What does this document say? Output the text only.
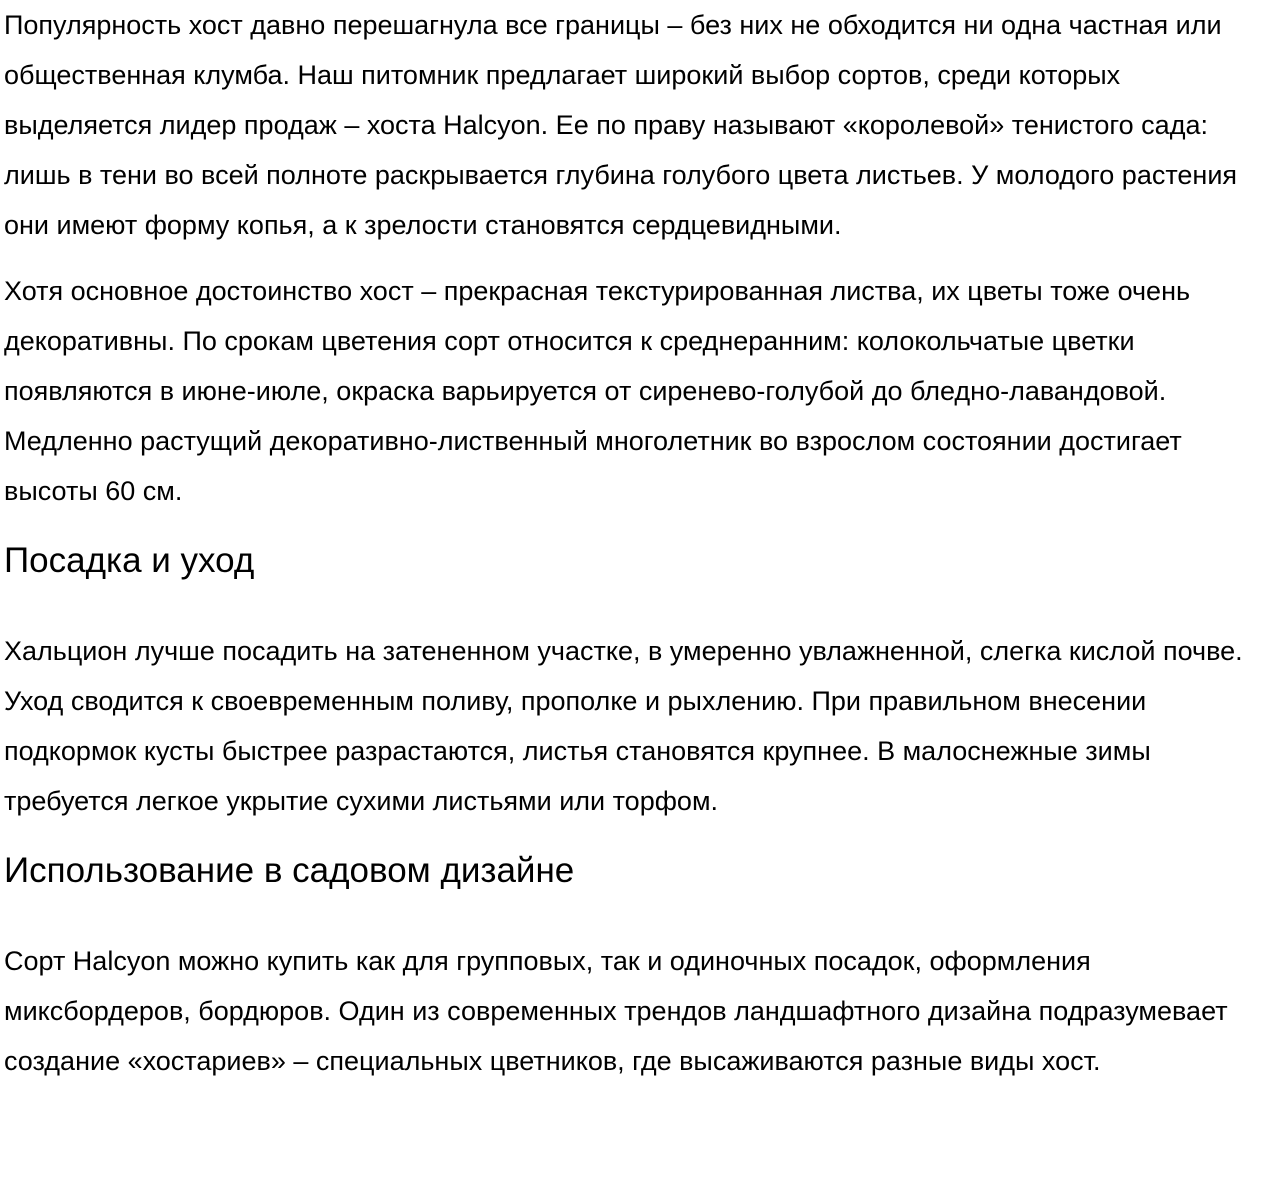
Популярность хост давно перешагнула все границы – без них не обходится ни одна частная или общественная клумба. Наш питомник предлагает широкий выбор сортов, среди которых выделяется лидер продаж – хоста Halcyon. Ее по праву называют «королевой» тенистого сада: лишь в тени во всей полноте раскрывается глубина голубого цвета листьев. У молодого растения они имеют форму копья, а к зрелости становятся сердцевидными.

Хотя основное достоинство хост – прекрасная текстурированная листва, их цветы тоже очень декоративны. По срокам цветения сорт относится к среднеранним: колокольчатые цветки появляются в июне-июле, окраска варьируется от сиренево-голубой до бледно-лавандовой. Медленно растущий декоративно-лиственный многолетник во взрослом состоянии достигает высоты 60 см.

Посадка и уход

Хальцион лучше посадить на затененном участке, в умеренно увлажненной, слегка кислой почве. Уход сводится к своевременным поливу, прополке и рыхлению. При правильном внесении подкормок кусты быстрее разрастаются, листья становятся крупнее. В малоснежные зимы требуется легкое укрытие сухими листьями или торфом.

Использование в садовом дизайне

Сорт Halcyon можно купить как для групповых, так и одиночных посадок, оформления миксбордеров, бордюров. Один из современных трендов ландшафтного дизайна подразумевает создание «хостариев» – специальных цветников, где высаживаются разные виды хост.
